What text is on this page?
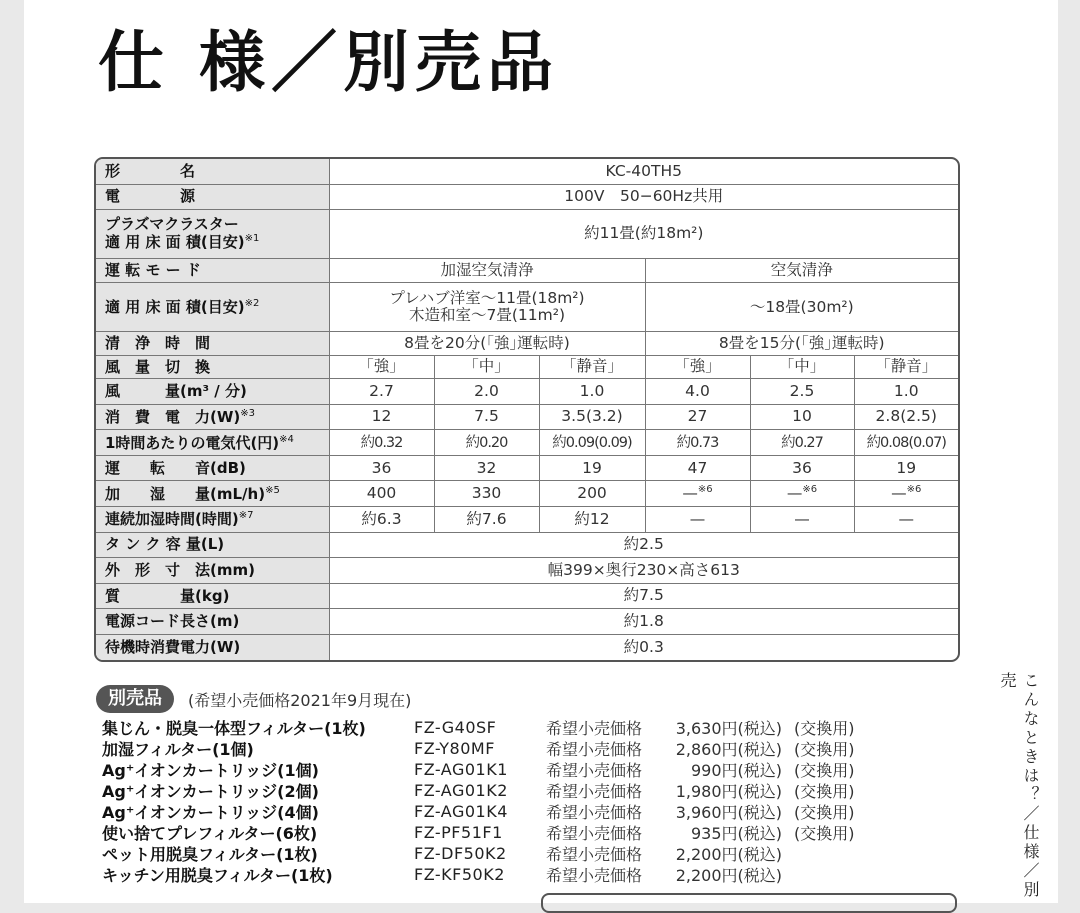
仕 様／別売品
形　　　　名	KC-40TH5					
電　　　　源	100V　50−60Hz共用					
プラズマクラスター
適 用 床 面 積(目安)$^{※1}$	約11畳(約18m²)					
運 転 モ ー ド	加湿空気清浄			空気清浄		
適 用 床 面 積(目安)$^{※2}$	プレハブ洋室〜11畳(18m²)
木造和室〜7畳(11m²)			〜18畳(30m²)		
清　浄　時　間	8畳を20分(｢強｣運転時)			8畳を15分(｢強｣運転時)		
風　量　切　換	「強」	「中」	「静音」	「強」	「中」	「静音」
風　　　量(m³ / 分)	2.7	2.0	1.0	4.0	2.5	1.0
消　費　電　力(W)$^{※3}$	12	7.5	3.5(3.2)	27	10	2.8(2.5)
1時間あたりの電気代(円)$^{※4}$	約0.32	約0.20	約0.09(0.09)	約0.73	約0.27	約0.08(0.07)
運　　転　　音(dB)	36	32	19	47	36	19
加　　湿　　量(mL/h)$^{※5}$	400	330	200	—$^{※6}$	—$^{※6}$	—$^{※6}$
連続加湿時間(時間)$^{※7}$	約6.3	約7.6	約12	—	—	—
タ ン ク 容 量(L)	約2.5					
外　形　寸　法(mm)	幅399×奥行230×高さ613					
質　　　　量(kg)	約7.5					
電源コード長さ(m)	約1.8					
待機時消費電力(W)	約0.3					
別売品	(希望小売価格2021年9月現在)
集じん・脱臭一体型フィルター(1枚)	FZ-G40SF	希望小売価格	3,630円(税込) (交換用)
加湿フィルター(1個)	FZ-Y80MF	希望小売価格	2,860円(税込) (交換用)
Ag⁺イオンカートリッジ(1個)	FZ-AG01K1	希望小売価格	990円(税込) (交換用)
Ag⁺イオンカートリッジ(2個)	FZ-AG01K2	希望小売価格	1,980円(税込) (交換用)
Ag⁺イオンカートリッジ(4個)	FZ-AG01K4	希望小売価格	3,960円(税込) (交換用)
使い捨てプレフィルター(6枚)	FZ-PF51F1	希望小売価格	935円(税込) (交換用)
ペット用脱臭フィルター(1枚)	FZ-DF50K2	希望小売価格	2,200円(税込)
キッチン用脱臭フィルター(1枚)	FZ-KF50K2	希望小売価格	2,200円(税込)	こんなときは？／仕様／別売
